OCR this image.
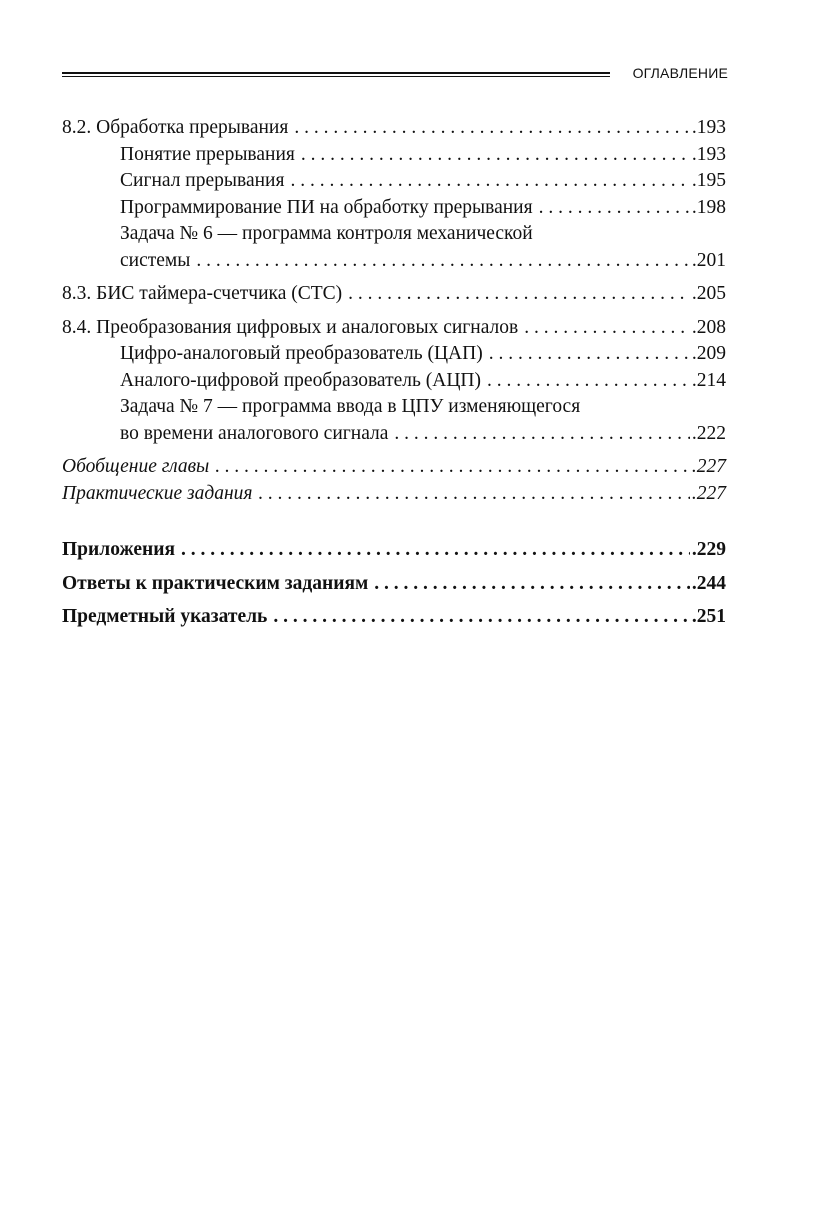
ОГЛАВЛЕНИЕ
8.2. Обработка прерывания . . .	.193
Понятие прерывания . . .	.193
Сигнал прерывания . . .	.195
Программирование ПИ на обработку прерывания . . .	.198
Задача № 6 — программа контроля механической
системы . . .	.201
8.3. БИС таймера-счетчика (СТС) . . .	.205
8.4. Преобразования цифровых и аналоговых сигналов . . .	.208
Цифро-аналоговый преобразователь (ЦАП) . . .	.209
Аналого-цифровой преобразователь (АЦП) . . .	.214
Задача № 7 — программа ввода в ЦПУ изменяющегося
во времени аналогового сигнала . . .	.222
Обобщение главы . . .	.227
Практические задания . . .	.227
Приложения . . .	.229
Ответы к практическим заданиям . . .	.244
Предметный указатель . . .	.251
